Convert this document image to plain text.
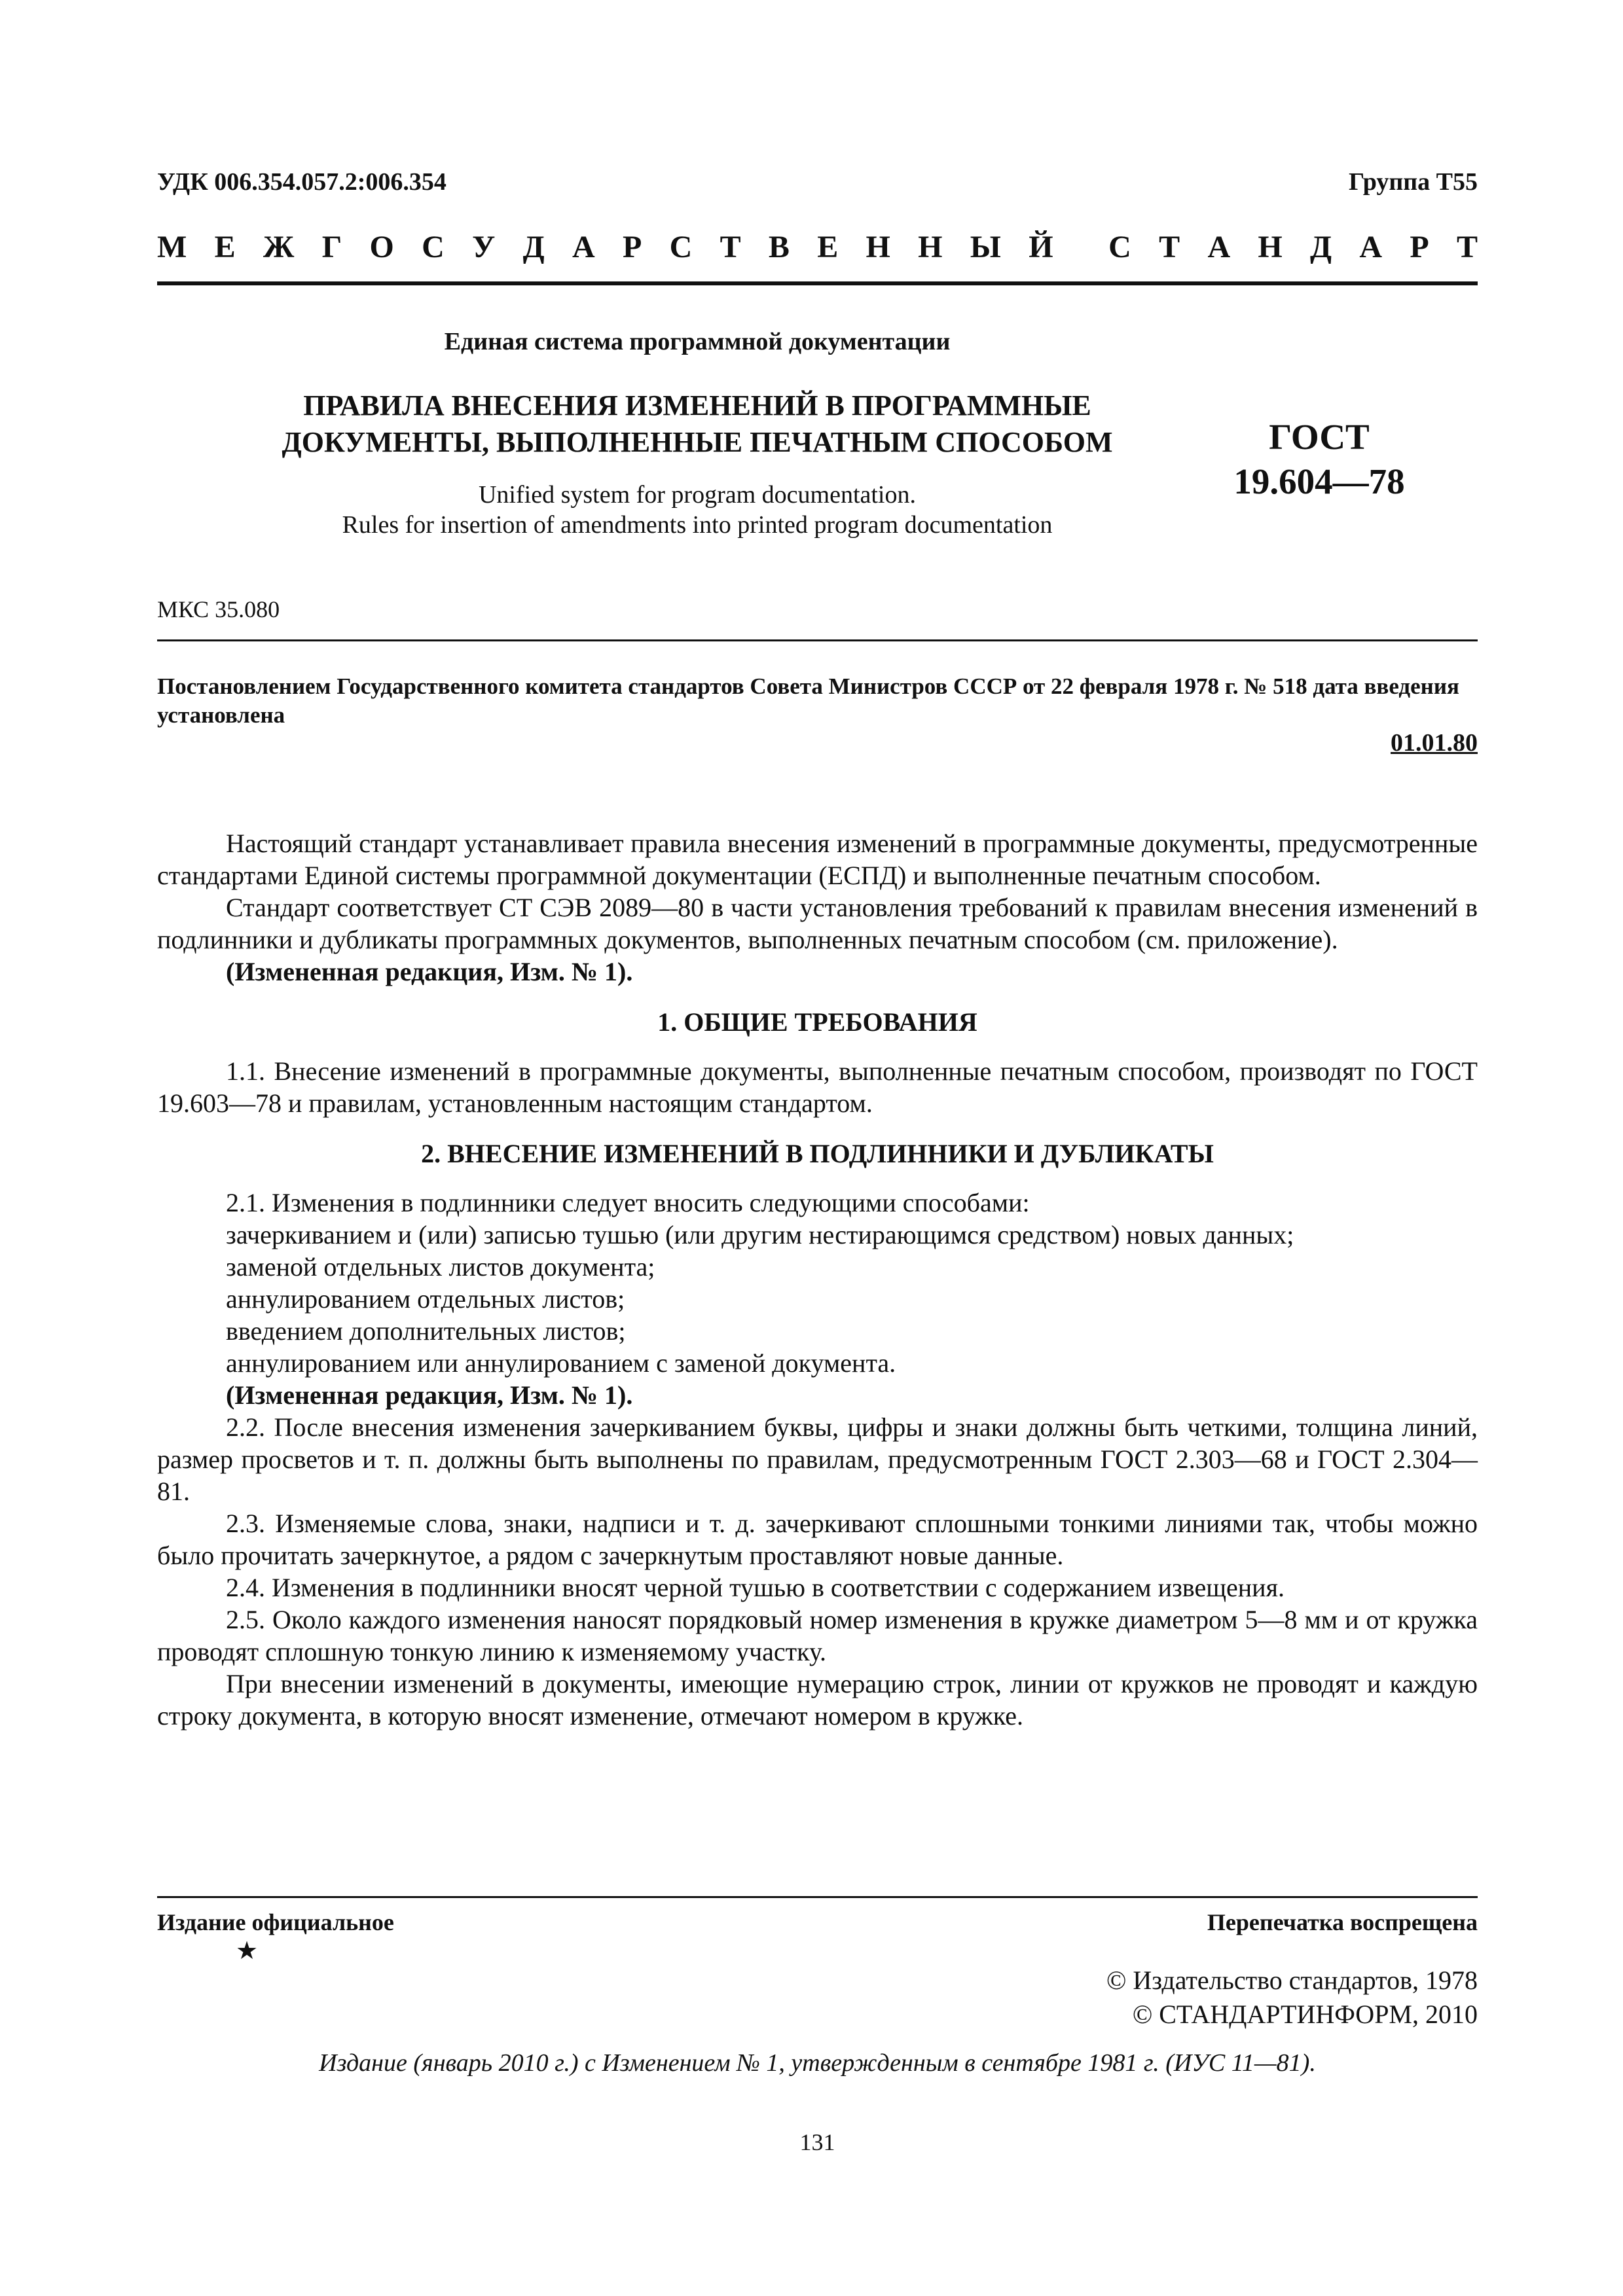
УДК 006.354.057.2:006.354	Группа Т55
М Е Ж Г О С У Д А Р С Т В Е Н Н Ы Й С Т А Н Д А Р Т
Единая система программной документации
ПРАВИЛА ВНЕСЕНИЯ ИЗМЕНЕНИЙ В ПРОГРАММНЫЕ
ДОКУМЕНТЫ, ВЫПОЛНЕННЫЕ ПЕЧАТНЫМ СПОСОБОМ
Unified system for program documentation.
Rules for insertion of amendments into printed program documentation
ГОСТ
19.604—78
МКС 35.080
Постановлением Государственного комитета стандартов Совета Министров СССР от 22 февраля 1978 г. № 518 дата введения установлена
01.01.80

Настоящий стандарт устанавливает правила внесения изменений в программные документы, предусмотренные стандартами Единой системы программной документации (ЕСПД) и выполненные печатным способом.

Стандарт соответствует СТ СЭВ 2089—80 в части установления требований к правилам внесения изменений в подлинники и дубликаты программных документов, выполненных печатным способом (см. приложение).

(Измененная редакция, Изм. № 1).

1. ОБЩИЕ ТРЕБОВАНИЯ

1.1. Внесение изменений в программные документы, выполненные печатным способом, производят по ГОСТ 19.603—78 и правилам, установленным настоящим стандартом.

2. ВНЕСЕНИЕ ИЗМЕНЕНИЙ В ПОДЛИННИКИ И ДУБЛИКАТЫ

2.1. Изменения в подлинники следует вносить следующими способами:

зачеркиванием и (или) записью тушью (или другим нестирающимся средством) новых данных;

заменой отдельных листов документа;

аннулированием отдельных листов;

введением дополнительных листов;

аннулированием или аннулированием с заменой документа.

(Измененная редакция, Изм. № 1).

2.2. После внесения изменения зачеркиванием буквы, цифры и знаки должны быть четкими, толщина линий, размер просветов и т. п. должны быть выполнены по правилам, предусмотренным ГОСТ 2.303—68 и ГОСТ 2.304—81.

2.3. Изменяемые слова, знаки, надписи и т. д. зачеркивают сплошными тонкими линиями так, чтобы можно было прочитать зачеркнутое, а рядом с зачеркнутым проставляют новые данные.

2.4. Изменения в подлинники вносят черной тушью в соответствии с содержанием извещения.

2.5. Около каждого изменения наносят порядковый номер изменения в кружке диаметром 5—8 мм и от кружка проводят сплошную тонкую линию к изменяемому участку.

При внесении изменений в документы, имеющие нумерацию строк, линии от кружков не проводят и каждую строку документа, в которую вносят изменение, отмечают номером в кружке.

Издание официальное
★
Перепечатка воспрещена
© Издательство стандартов, 1978
© СТАНДАРТИНФОРМ, 2010
Издание (январь 2010 г.) с Изменением № 1, утвержденным в сентябре 1981 г. (ИУС 11—81).
131
